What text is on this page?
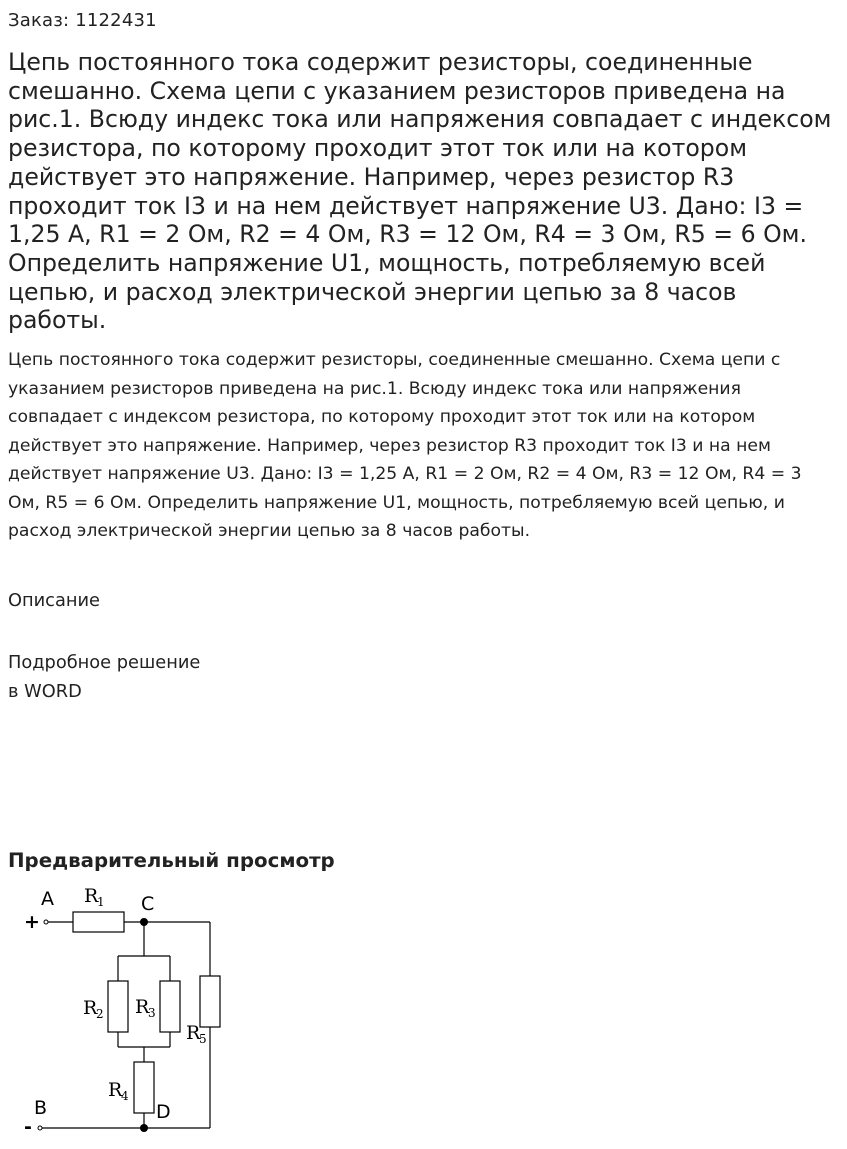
Заказ: 1122431
Цепь постоянного тока содержит резисторы, соединенные смешанно. Схема цепи с указанием резисторов приведена на рис.1. Всюду индекс тока или напряжения совпадает с индексом резистора, по которому проходит этот ток или на котором действует это напряжение. Например, через резистор R3 проходит ток I3 и на нем действует напряжение U3. Дано: I3 = 1,25 А, R1 = 2 Ом, R2 = 4 Ом, R3 = 12 Ом, R4 = 3 Ом, R5 = 6 Ом. Определить напряжение U1, мощность, потребляемую всей цепью, и расход электрической энергии цепью за 8 часов работы.

Цепь постоянного тока содержит резисторы, соединенные смешанно. Схема цепи с указанием резисторов приведена на рис.1. Всюду индекс тока или напряжения совпадает с индексом резистора, по которому проходит этот ток или на котором действует это напряжение. Например, через резистор R3 проходит ток I3 и на нем действует напряжение U3. Дано: I3 = 1,25 А, R1 = 2 Ом, R2 = 4 Ом, R3 = 12 Ом, R4 = 3 Ом, R5 = 6 Ом. Определить напряжение U1, мощность, потребляемую всей цепью, и расход электрической энергии цепью за 8 часов работы.

Описание
Подробное решение
в WORD
Предварительный просмотр
A	C
B	D
+
-
R
1
R
2 R
3
R
4
R
5
